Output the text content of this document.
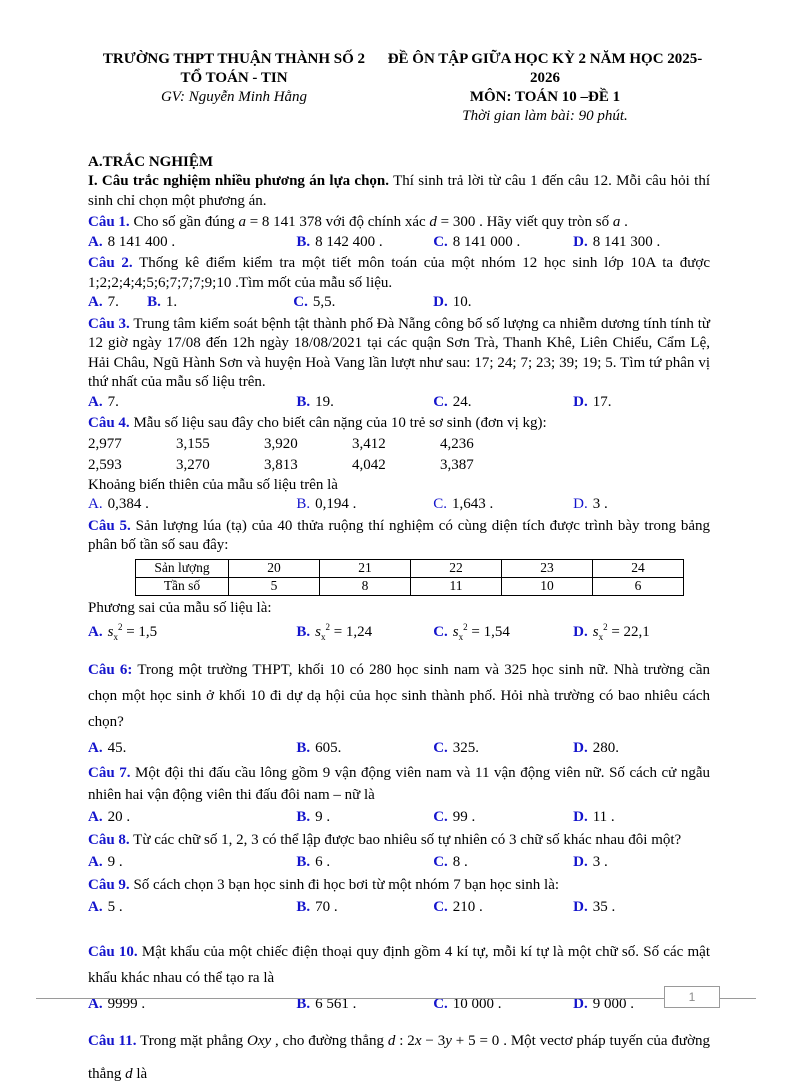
TRƯỜNG THPT THUẬN THÀNH SỐ 2
TỔ TOÁN - TIN
GV: Nguyễn Minh Hằng
ĐỀ ÔN TẬP GIỮA HỌC KỲ 2 NĂM HỌC 2025-2026
MÔN: TOÁN 10 –ĐỀ 1
Thời gian làm bài: 90 phút.
A.TRẮC NGHIỆM

I. Câu trắc nghiệm nhiều phương án lựa chọn. Thí sinh trả lời từ câu 1 đến câu 12. Mỗi câu hỏi thí sinh chỉ chọn một phương án.

Câu 1. Cho số gần đúng a = 8 141 378 với độ chính xác d = 300 . Hãy viết quy tròn số a .

A. 8 141 400 .	B. 8 142 400 .	C. 8 141 000 .	D. 8 141 300 .

Câu 2. Thống kê điểm kiểm tra một tiết môn toán của một nhóm 12 học sinh lớp 10A ta được 1;2;2;4;4;5;6;7;7;7;9;10 .Tìm mốt của mẫu số liệu.

A. 7.	B. 1.	C. 5,5.	D. 10.

Câu 3. Trung tâm kiểm soát bệnh tật thành phố Đà Nẵng công bố số lượng ca nhiễm dương tính tính từ 12 giờ ngày 17/08 đến 12h ngày 18/08/2021 tại các quận Sơn Trà, Thanh Khê, Liên Chiểu, Cẩm Lệ, Hải Châu, Ngũ Hành Sơn và huyện Hoà Vang lần lượt như sau: 17; 24; 7; 23; 39; 19; 5. Tìm tứ phân vị thứ nhất của mẫu số liệu trên.

A. 7.	B. 19.	C. 24.	D. 17.

Câu 4. Mẫu số liệu sau đây cho biết cân nặng của 10 trẻ sơ sinh (đơn vị kg):

2,977	3,155	3,920	3,412	4,236
2,593	3,270	3,813	4,042	3,387

Khoảng biến thiên của mẫu số liệu trên là

A. 0,384 .	B. 0,194 .	C. 1,643 .	D. 3 .

Câu 5. Sản lượng lúa (tạ) của 40 thửa ruộng thí nghiệm có cùng diện tích được trình bày trong bảng phân bố tần số sau đây:

Sản lượng	20	21	22	23	24
Tần số	5	8	11	10	6

Phương sai của mẫu số liệu là:

A. $s_x^2 = 1,5$	B. $s_x^2 = 1,24$	C. $s_x^2 = 1,54$	D. $s_x^2 = 22,1$

Câu 6: Trong một trường THPT, khối 10 có 280 học sinh nam và 325 học sinh nữ. Nhà trường cần chọn một học sinh ở khối 10 đi dự dạ hội của học sinh thành phố. Hỏi nhà trường có bao nhiêu cách chọn?

A. 45.	B. 605.	C. 325.	D. 280.

Câu 7. Một đội thi đấu cầu lông gồm 9 vận động viên nam và 11 vận động viên nữ. Số cách cử ngẫu nhiên hai vận động viên thi đấu đôi nam – nữ là

A. 20 .	B. 9 .	C. 99 .	D. 11 .

Câu 8. Từ các chữ số 1, 2, 3 có thể lập được bao nhiêu số tự nhiên có 3 chữ số khác nhau đôi một?

A. 9 .	B. 6 .	C. 8 .	D. 3 .

Câu 9. Số cách chọn 3 bạn học sinh đi học bơi từ một nhóm 7 bạn học sinh là:

A. 5 .	B. 70 .	C. 210 .	D. 35 .

Câu 10. Mật khẩu của một chiếc điện thoại quy định gồm 4 kí tự, mỗi kí tự là một chữ số. Số các mật khẩu khác nhau có thể tạo ra là

A. 9999 .	B. 6 561 .	C. 10 000 .	D. 9 000 .

Câu 11. Trong mặt phẳng Oxy , cho đường thẳng d : 2x − 3y + 5 = 0 . Một vectơ pháp tuyến của đường thẳng d là

1
